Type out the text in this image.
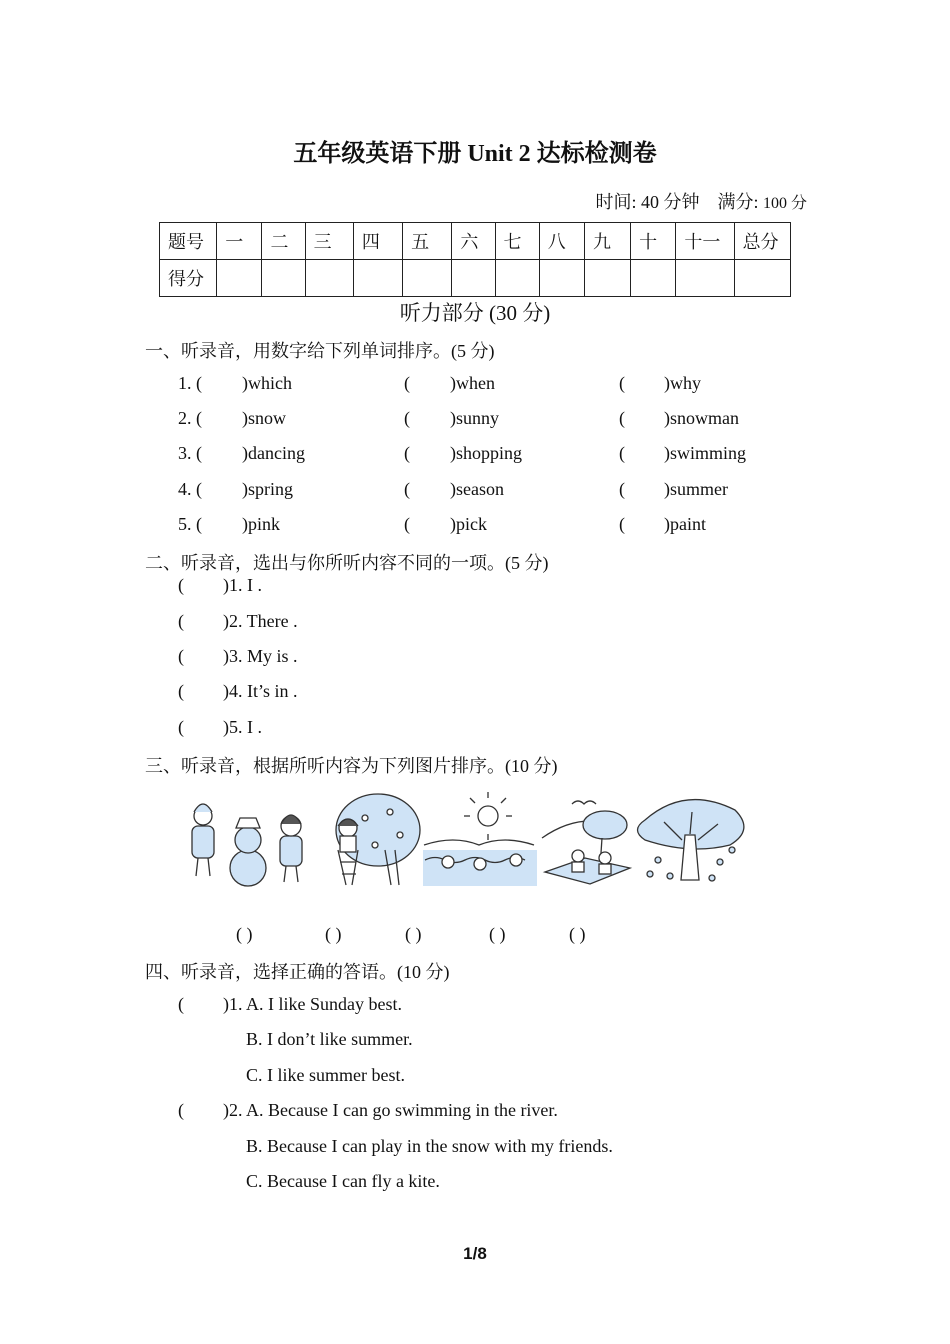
五年级英语下册 Unit 2 达标检测卷
时间: 40 分钟 满分: 100 分
题号	一	二	三	四	五	六	七	八	九	十	十一	总分
得分												
听力部分 (30 分)
一、听录音，用数字给下列单词排序。(5 分)
1. ( )which	( )when	( )why
2. ( )snow	( )sunny	( )snowman
3. ( )dancing	( )shopping	( )swimming
4. ( )spring	( )season	( )summer
5. ( )pink	( )pick	( )paint
二、听录音，选出与你所听内容不同的一项。(5 分)
( )1. I .
( )2. There .
( )3. My is .
( )4. It’s in .
( )5. I .
三、听录音，根据所听内容为下列图片排序。(10 分)
( )	( )	( )	( )	( )
四、听录音，选择正确的答语。(10 分)
( )1. A. I like Sunday best.
B. I don’t like summer.
C. I like summer best.
( )2. A. Because I can go swimming in the river.
B. Because I can play in the snow with my friends.
C. Because I can fly a kite.
1/8
